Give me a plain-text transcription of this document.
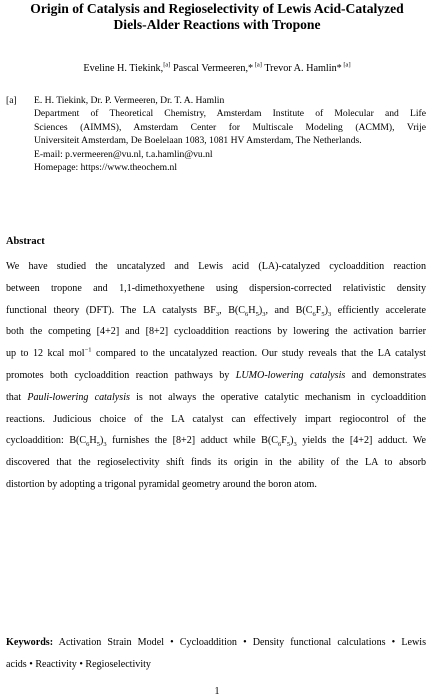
Origin of Catalysis and Regioselectivity of Lewis Acid-Catalyzed
Diels-Alder Reactions with Tropone
Eveline H. Tiekink,[a] Pascal Vermeeren,* [a] Trevor A. Hamlin* [a]
[a] E. H. Tiekink, Dr. P. Vermeeren, Dr. T. A. Hamlin
Department of Theoretical Chemistry, Amsterdam Institute of Molecular and Life
Sciences (AIMMS), Amsterdam Center for Multiscale Modeling (ACMM), Vrije
Universiteit Amsterdam, De Boelelaan 1083, 1081 HV Amsterdam, The Netherlands.
E-mail: p.vermeeren@vu.nl, t.a.hamlin@vu.nl
Homepage: https://www.theochem.nl
Abstract
We have studied the uncatalyzed and Lewis acid (LA)-catalyzed cycloaddition reaction
between tropone and 1,1-dimethoxyethene using dispersion-corrected relativistic density
functional theory (DFT). The LA catalysts $BF_3$, $B(C_6H_5)_3$, and $B(C_6F_5)_3$ efficiently accelerate
both the competing [4+2] and [8+2] cycloaddition reactions by lowering the activation barrier
up to 12 kcal mol$^{-1}$ compared to the uncatalyzed reaction. Our study reveals that the LA catalyst
promotes both cycloaddition reaction pathways by LUMO-lowering catalysis and demonstrates
that Pauli-lowering catalysis is not always the operative catalytic mechanism in cycloaddition
reactions. Judicious choice of the LA catalyst can effectively impart regiocontrol of the
cycloaddition: $B(C_6H_5)_3$ furnishes the [8+2] adduct while $B(C_6F_5)_3$ yields the [4+2] adduct. We
discovered that the regioselectivity shift finds its origin in the ability of the LA to absorb
distortion by adopting a trigonal pyramidal geometry around the boron atom.
Keywords: Activation Strain Model • Cycloaddition • Density functional calculations • Lewis
acids • Reactivity • Regioselectivity
1
